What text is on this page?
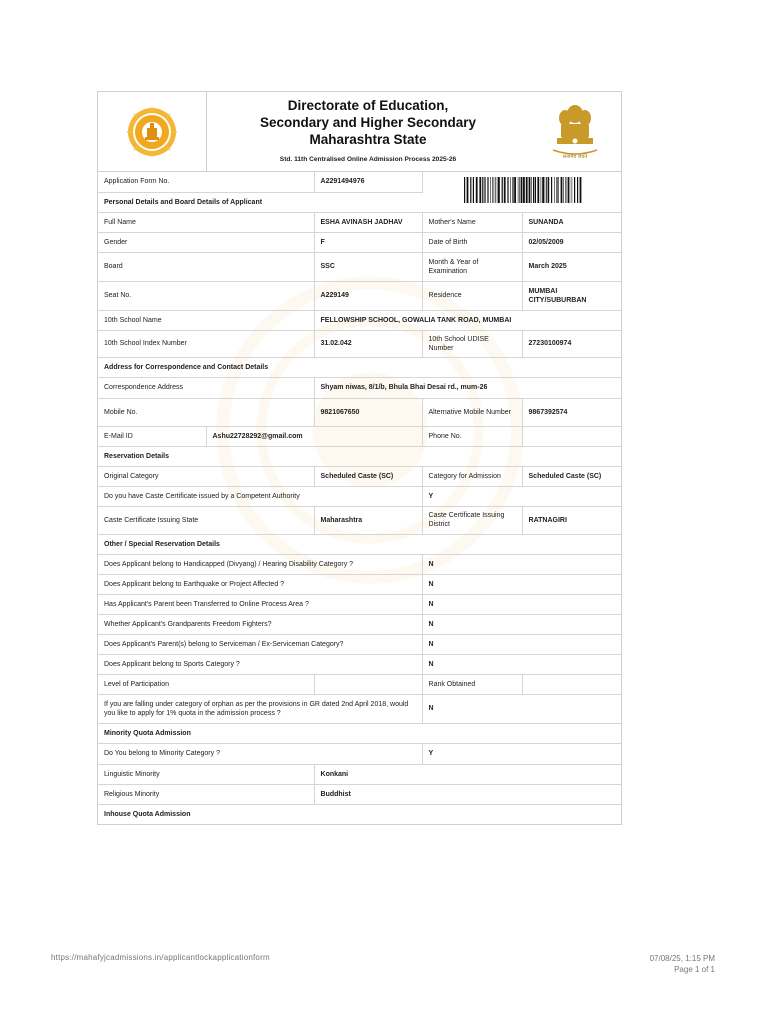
Directorate of Education,
Secondary and Higher Secondary
Maharashtra State
Std. 11th Centralised Online Admission Process 2025-26	सत्यमेव जयते
Application Form No.		A2291494976	
Personal Details and Board Details of Applicant				
Full Name		ESHA AVINASH JADHAV	Mother's Name	SUNANDA
Gender		F	Date of Birth	02/05/2009
Board		SSC	Month & Year of Examination	March 2025
Seat No.		A229149	Residence	MUMBAI CITY/SUBURBAN
10th School Name		FELLOWSHIP SCHOOL, GOWALIA TANK ROAD, MUMBAI		
10th School Index Number		31.02.042	10th School UDISE Number	27230100974
Address for Correspondence and Contact Details				
Correspondence Address		Shyam niwas, 8/1/b, Bhula Bhai Desai rd., mum-26		
Mobile No.		9821067650	Alternative Mobile Number	9867392574
E-Mail ID	Ashu22728292@gmail.com		Phone No.	
Reservation Details				
Original Category		Scheduled Caste (SC)	Category for Admission	Scheduled Caste (SC)
Do you have Caste Certificate issued by a Competent Authority			Y	
Caste Certificate Issuing State		Maharashtra	Caste Certificate Issuing District	RATNAGIRI
Other / Special Reservation Details				
Does Applicant belong to Handicapped (Divyang) / Hearing Disability Category ?			N	
Does Applicant belong to Earthquake or Project Affected ?			N	
Has Applicant's Parent been Transferred to Online Process Area ?			N	
Whether Applicant's Grandparents Freedom Fighters?			N	
Does Applicant's Parent(s) belong to Serviceman / Ex-Serviceman Category?			N	
Does Applicant belong to Sports Category ?			N	
Level of Participation			Rank Obtained	
If you are falling under category of orphan as per the provisions in GR dated 2nd April 2018, would you like to apply for 1% quota in the admission process ?			N	
Minority Quota Admission				
Do You belong to Minority Category ?			Y	
Linguistic Minority		Konkani		
Religious Minority		Buddhist		
Inhouse Quota Admission				
https://mahafyjcadmissions.in/applicantlockapplicationform	07/08/25, 1:15 PM
Page 1 of 1
